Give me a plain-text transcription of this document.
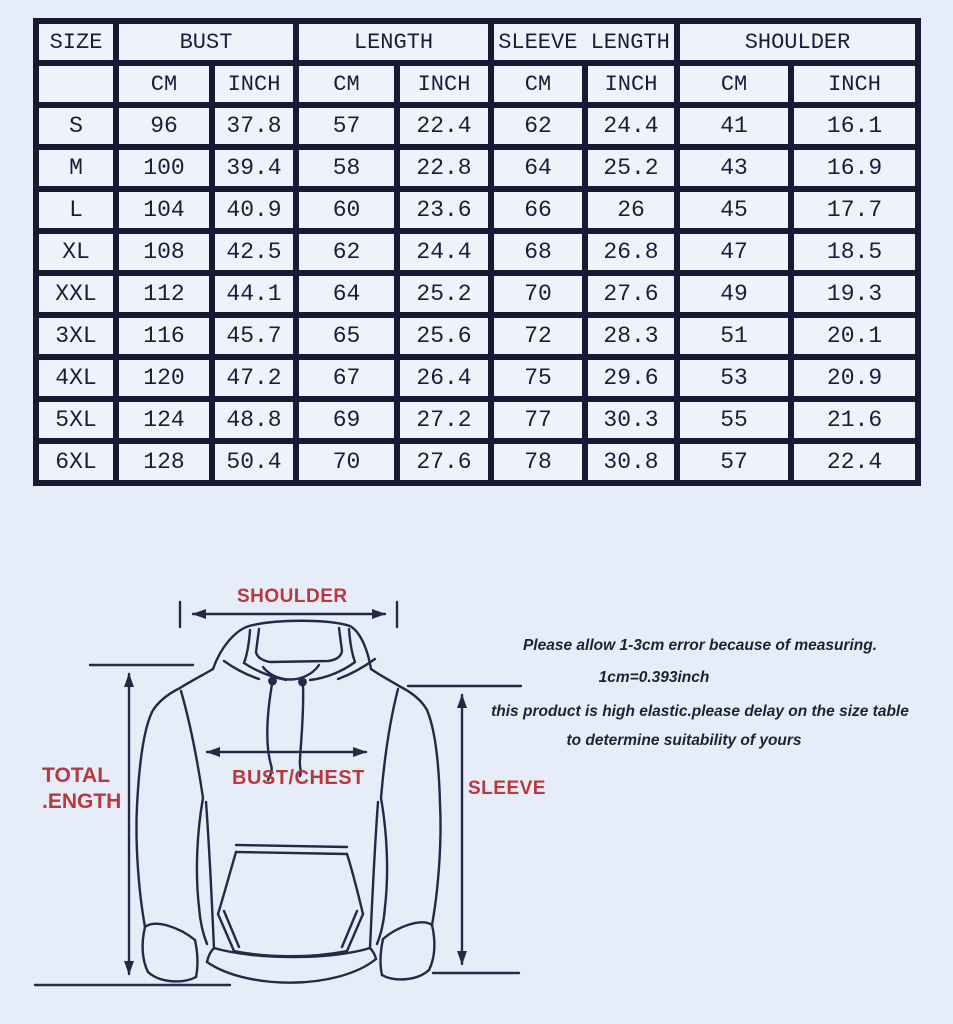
SIZE	BUST		LENGTH		SLEEVE LENGTH		SHOULDER	
	CM	INCH	CM	INCH	CM	INCH	CM	INCH
S	96	37.8	57	22.4	62	24.4	41	16.1
M	100	39.4	58	22.8	64	25.2	43	16.9
L	104	40.9	60	23.6	66	26	45	17.7
XL	108	42.5	62	24.4	68	26.8	47	18.5
XXL	112	44.1	64	25.2	70	27.6	49	19.3
3XL	116	45.7	65	25.6	72	28.3	51	20.1
4XL	120	47.2	67	26.4	75	29.6	53	20.9
5XL	124	48.8	69	27.2	77	30.3	55	21.6
6XL	128	50.4	70	27.6	78	30.8	57	22.4
SHOULDER
TOTAL
.ENGTH
BUST/CHEST	SLEEVE
Please allow 1-3cm error because of measuring.
1cm=0.393inch
this product is high elastic.please delay on the size table
to determine suitability of yours
